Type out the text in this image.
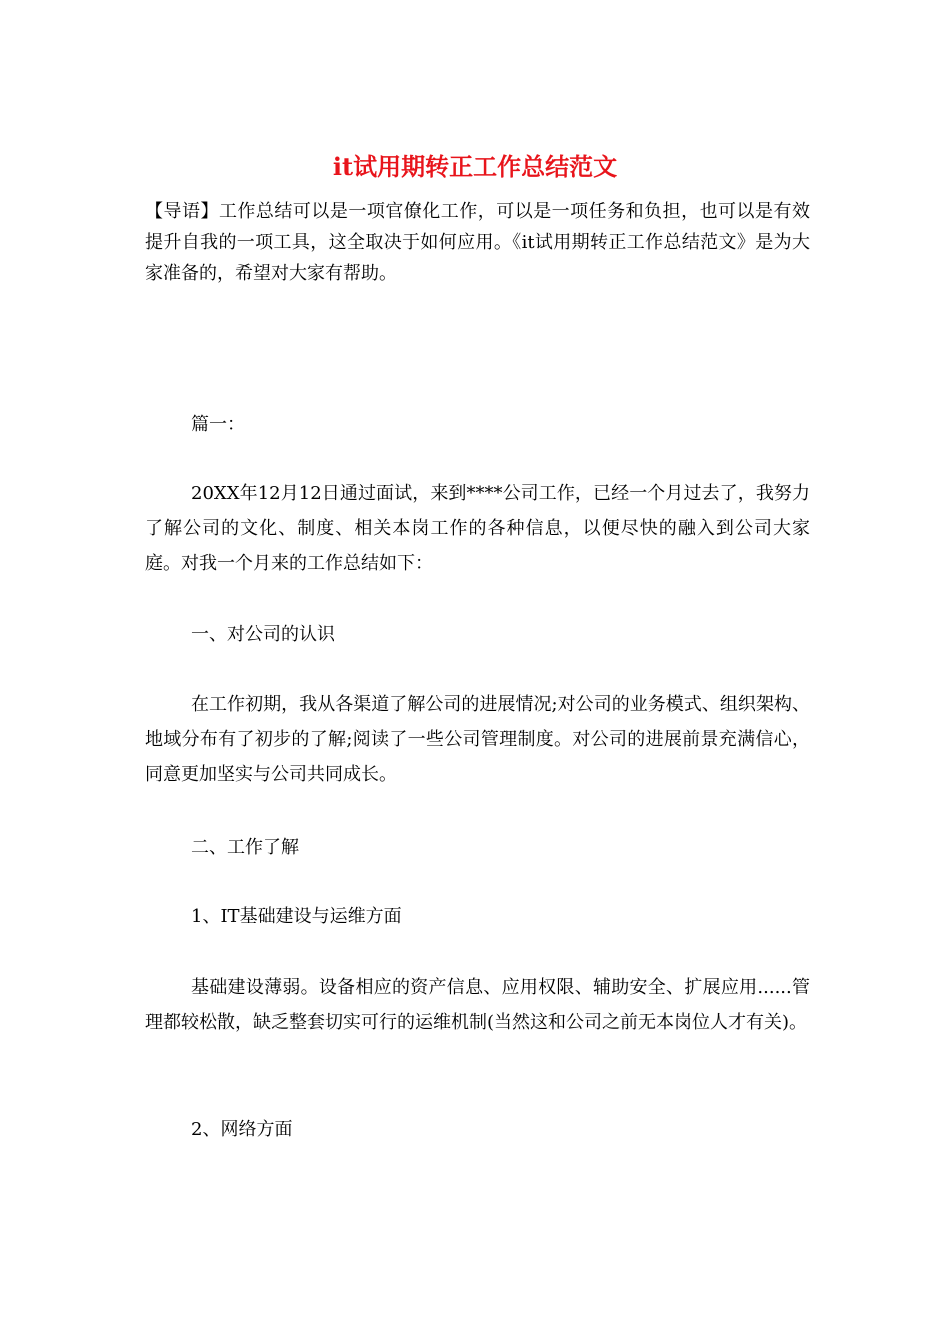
it试用期转正工作总结范文
【导语】工作总结可以是一项官僚化工作，可以是一项任务和负担，也可以是有效提升自我的一项工具，这全取决于如何应用。《it试用期转正工作总结范文》是为大家准备的，希望对大家有帮助。

篇一：

20XX年12月12日通过面试，来到****公司工作，已经一个月过去了，我努力了解公司的文化、制度、相关本岗工作的各种信息，以便尽快的融入到公司大家庭。对我一个月来的工作总结如下：

一、对公司的认识

在工作初期，我从各渠道了解公司的进展情况;对公司的业务模式、组织架构、地域分布有了初步的了解;阅读了一些公司管理制度。对公司的进展前景充满信心，同意更加坚实与公司共同成长。

二、工作了解

1、IT基础建设与运维方面

基础建设薄弱。设备相应的资产信息、应用权限、辅助安全、扩展应用......管理都较松散，缺乏整套切实可行的运维机制(当然这和公司之前无本岗位人才有关)。

2、网络方面
